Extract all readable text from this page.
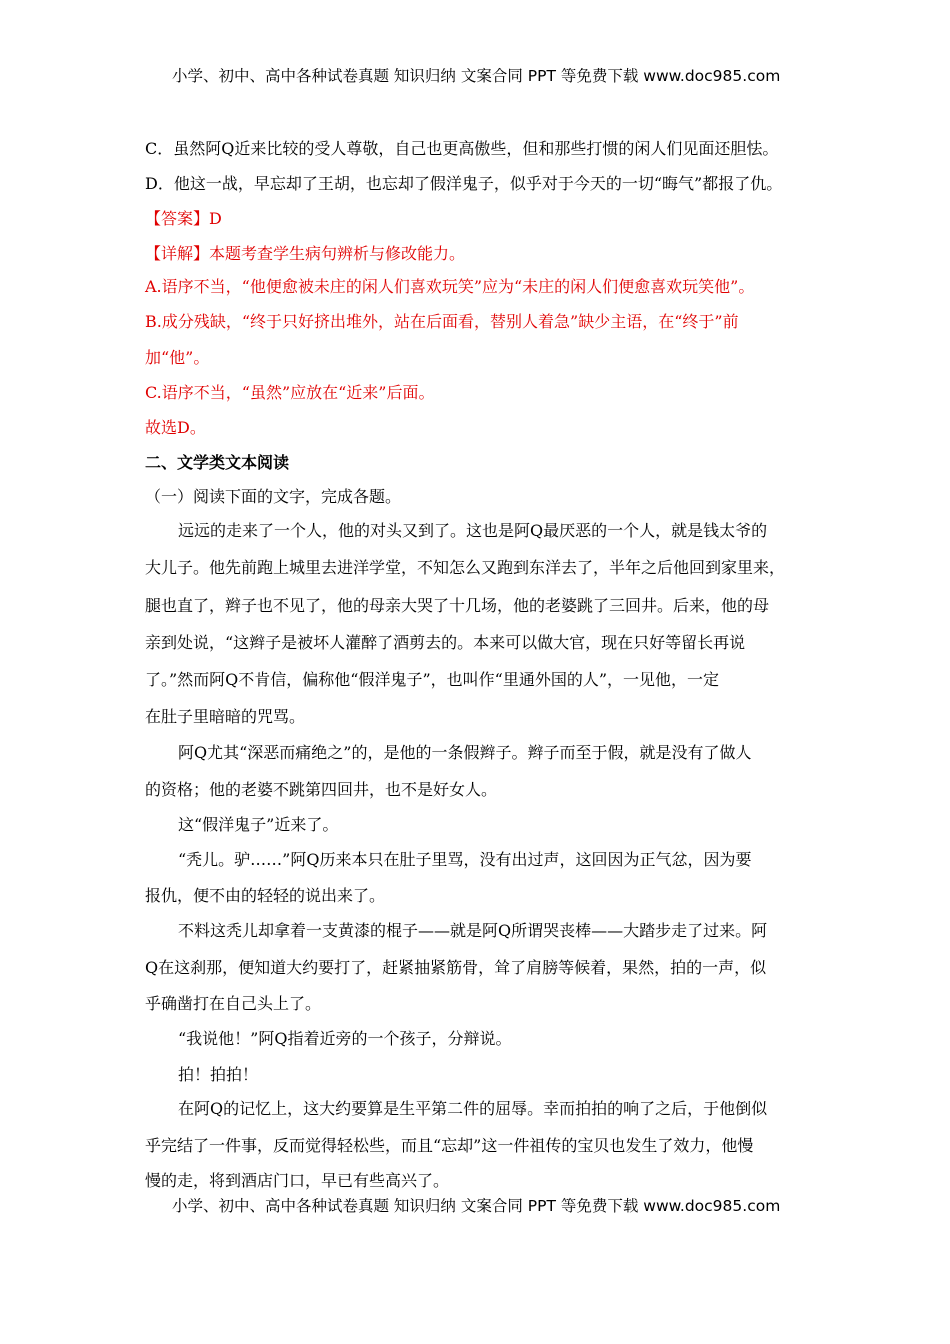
小学、初中、高中各种试卷真题 知识归纳 文案合同 PPT 等免费下载 www.doc985.com
C．虽然阿Q近来比较的受人尊敬，自己也更高傲些，但和那些打惯的闲人们见面还胆怯。
D．他这一战，早忘却了王胡，也忘却了假洋鬼子，似乎对于今天的一切“晦气”都报了仇。
【答案】D
【详解】本题考查学生病句辨析与修改能力。
A.语序不当，“他便愈被未庄的闲人们喜欢玩笑”应为“未庄的闲人们便愈喜欢玩笑他”。
B.成分残缺，“终于只好挤出堆外，站在后面看，替别人着急”缺少主语，在“终于”前
加“他”。
C.语序不当，“虽然”应放在“近来”后面。
故选D。
二、文学类文本阅读
（一）阅读下面的文字，完成各题。
远远的走来了一个人，他的对头又到了。这也是阿Q最厌恶的一个人，就是钱太爷的
大儿子。他先前跑上城里去进洋学堂，不知怎么又跑到东洋去了，半年之后他回到家里来，
腿也直了，辫子也不见了，他的母亲大哭了十几场，他的老婆跳了三回井。后来，他的母
亲到处说，“这辫子是被坏人灌醉了酒剪去的。本来可以做大官，现在只好等留长再说
了。”然而阿Q不肯信，偏称他“假洋鬼子”，也叫作“里通外国的人”，一见他，一定
在肚子里暗暗的咒骂。
阿Q尤其“深恶而痛绝之”的，是他的一条假辫子。辫子而至于假，就是没有了做人
的资格；他的老婆不跳第四回井，也不是好女人。
这“假洋鬼子”近来了。
“秃儿。驴……”阿Q历来本只在肚子里骂，没有出过声，这回因为正气忿，因为要
报仇，便不由的轻轻的说出来了。
不料这秃儿却拿着一支黄漆的棍子——就是阿Q所谓哭丧棒——大踏步走了过来。阿
Q在这刹那，便知道大约要打了，赶紧抽紧筋骨，耸了肩膀等候着，果然，拍的一声，似
乎确凿打在自己头上了。
“我说他！”阿Q指着近旁的一个孩子，分辩说。
拍！拍拍！
在阿Q的记忆上，这大约要算是生平第二件的屈辱。幸而拍拍的响了之后，于他倒似
乎完结了一件事，反而觉得轻松些，而且“忘却”这一件祖传的宝贝也发生了效力，他慢
慢的走，将到酒店门口，早已有些高兴了。
小学、初中、高中各种试卷真题 知识归纳 文案合同 PPT 等免费下载 www.doc985.com
